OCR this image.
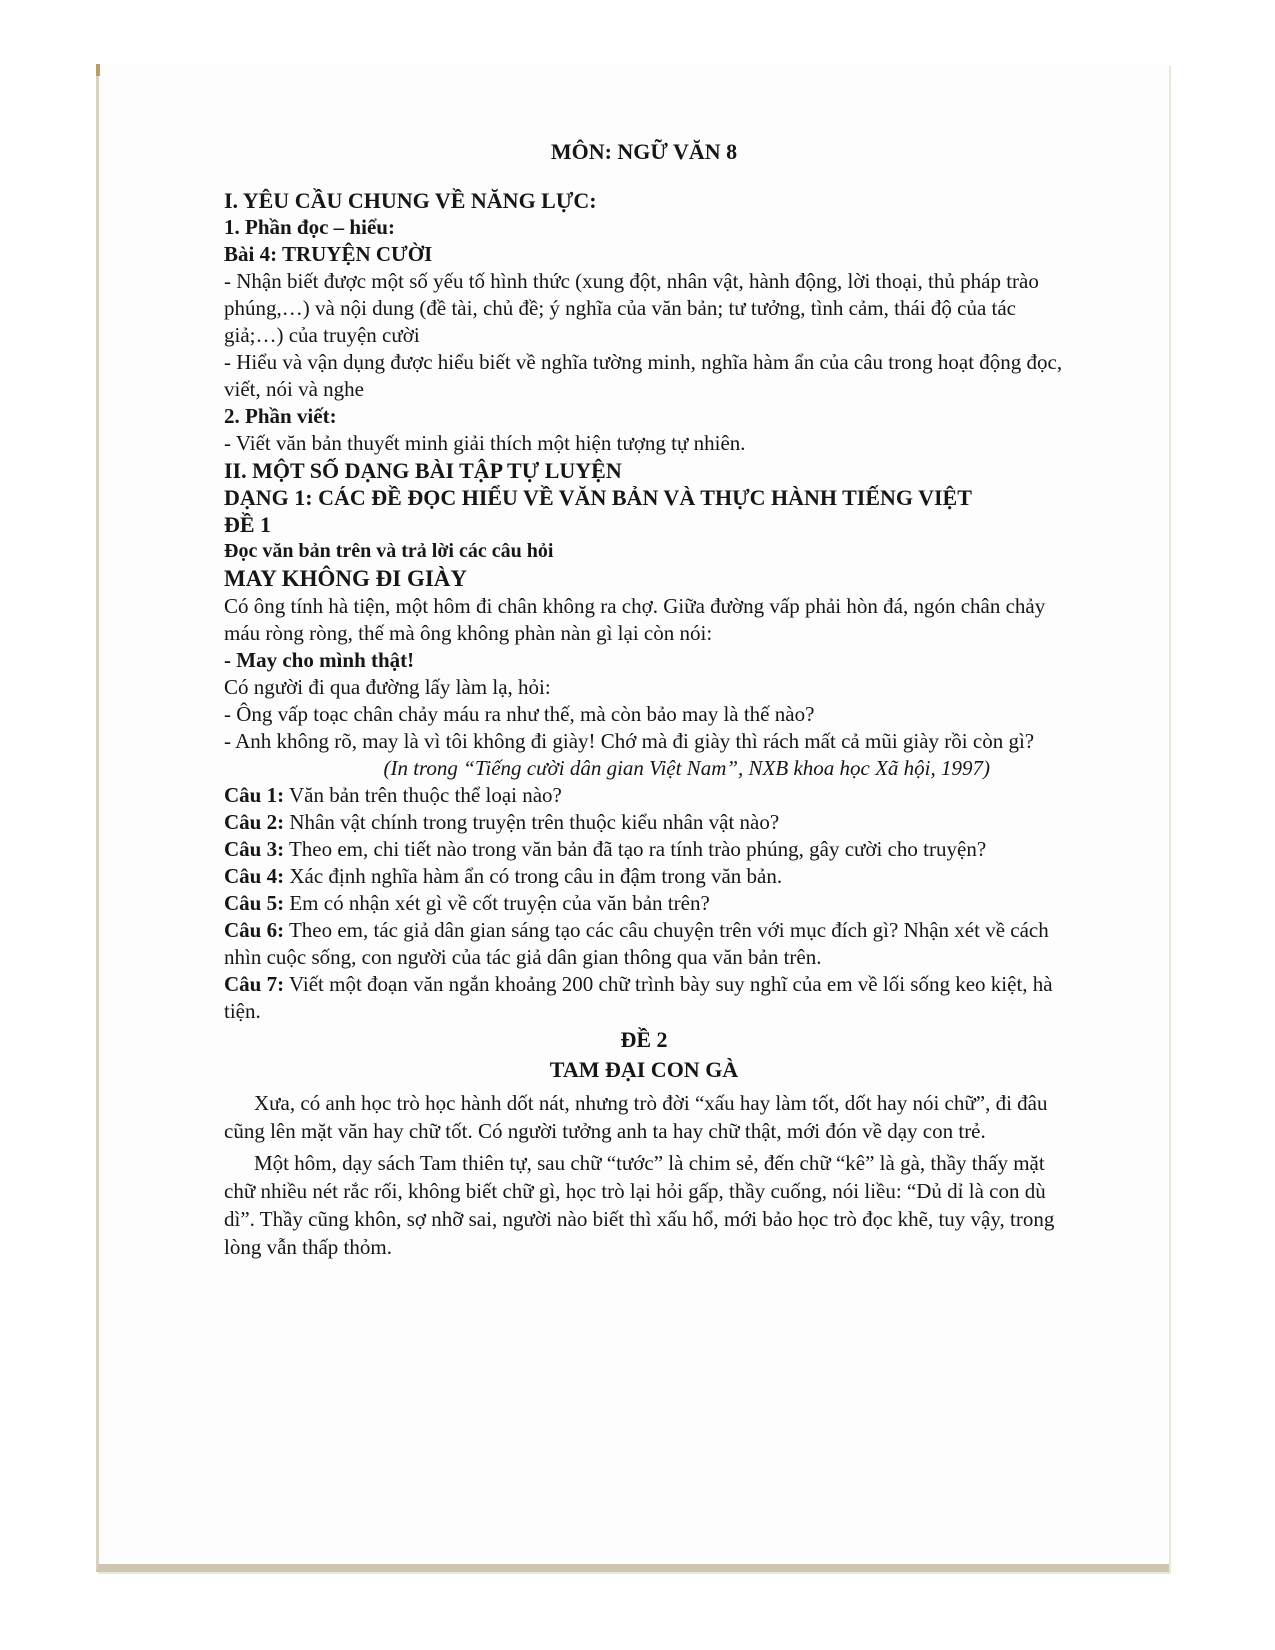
MÔN: NGỮ VĂN 8

I. YÊU CẦU CHUNG VỀ NĂNG LỰC:

1. Phần đọc – hiểu:

Bài 4: TRUYỆN CƯỜI

- Nhận biết được một số yếu tố hình thức (xung đột, nhân vật, hành động, lời thoại, thủ pháp trào phúng,…) và nội dung (đề tài, chủ đề; ý nghĩa của văn bản; tư tưởng, tình cảm, thái độ của tác giả;…) của truyện cười

- Hiểu và vận dụng được hiểu biết về nghĩa tường minh, nghĩa hàm ẩn của câu trong hoạt động đọc, viết, nói và nghe

2. Phần viết:

- Viết văn bản thuyết minh giải thích một hiện tượng tự nhiên.

II. MỘT SỐ DẠNG BÀI TẬP TỰ LUYỆN

DẠNG 1: CÁC ĐỀ ĐỌC HIỂU VỀ VĂN BẢN VÀ THỰC HÀNH TIẾNG VIỆT

ĐỀ 1

Đọc văn bản trên và trả lời các câu hỏi

MAY KHÔNG ĐI GIÀY

Có ông tính hà tiện, một hôm đi chân không ra chợ. Giữa đường vấp phải hòn đá, ngón chân chảy máu ròng ròng, thế mà ông không phàn nàn gì lại còn nói:

- May cho mình thật!

Có người đi qua đường lấy làm lạ, hỏi:

- Ông vấp toạc chân chảy máu ra như thế, mà còn bảo may là thế nào?

- Anh không rõ, may là vì tôi không đi giày! Chớ mà đi giày thì rách mất cả mũi giày rồi còn gì?

(In trong “Tiếng cười dân gian Việt Nam”, NXB khoa học Xã hội, 1997)

Câu 1: Văn bản trên thuộc thể loại nào?

Câu 2: Nhân vật chính trong truyện trên thuộc kiểu nhân vật nào?

Câu 3: Theo em, chi tiết nào trong văn bản đã tạo ra tính trào phúng, gây cười cho truyện?

Câu 4: Xác định nghĩa hàm ẩn có trong câu in đậm trong văn bản.

Câu 5: Em có nhận xét gì về cốt truyện của văn bản trên?

Câu 6: Theo em, tác giả dân gian sáng tạo các câu chuyện trên với mục đích gì? Nhận xét về cách nhìn cuộc sống, con người của tác giả dân gian thông qua văn bản trên.

Câu 7: Viết một đoạn văn ngắn khoảng 200 chữ trình bày suy nghĩ của em về lối sống keo kiệt, hà tiện.

ĐỀ 2

TAM ĐẠI CON GÀ

Xưa, có anh học trò học hành dốt nát, nhưng trò đời “xấu hay làm tốt, dốt hay nói chữ”, đi đâu cũng lên mặt văn hay chữ tốt. Có người tưởng anh ta hay chữ thật, mới đón về dạy con trẻ.

Một hôm, dạy sách Tam thiên tự, sau chữ “tước” là chim sẻ, đến chữ “kê” là gà, thầy thấy mặt chữ nhiều nét rắc rối, không biết chữ gì, học trò lại hỏi gấp, thầy cuống, nói liều: “Dủ dỉ là con dù dì”. Thầy cũng khôn, sợ nhỡ sai, người nào biết thì xấu hổ, mới bảo học trò đọc khẽ, tuy vậy, trong lòng vẫn thấp thỏm.
